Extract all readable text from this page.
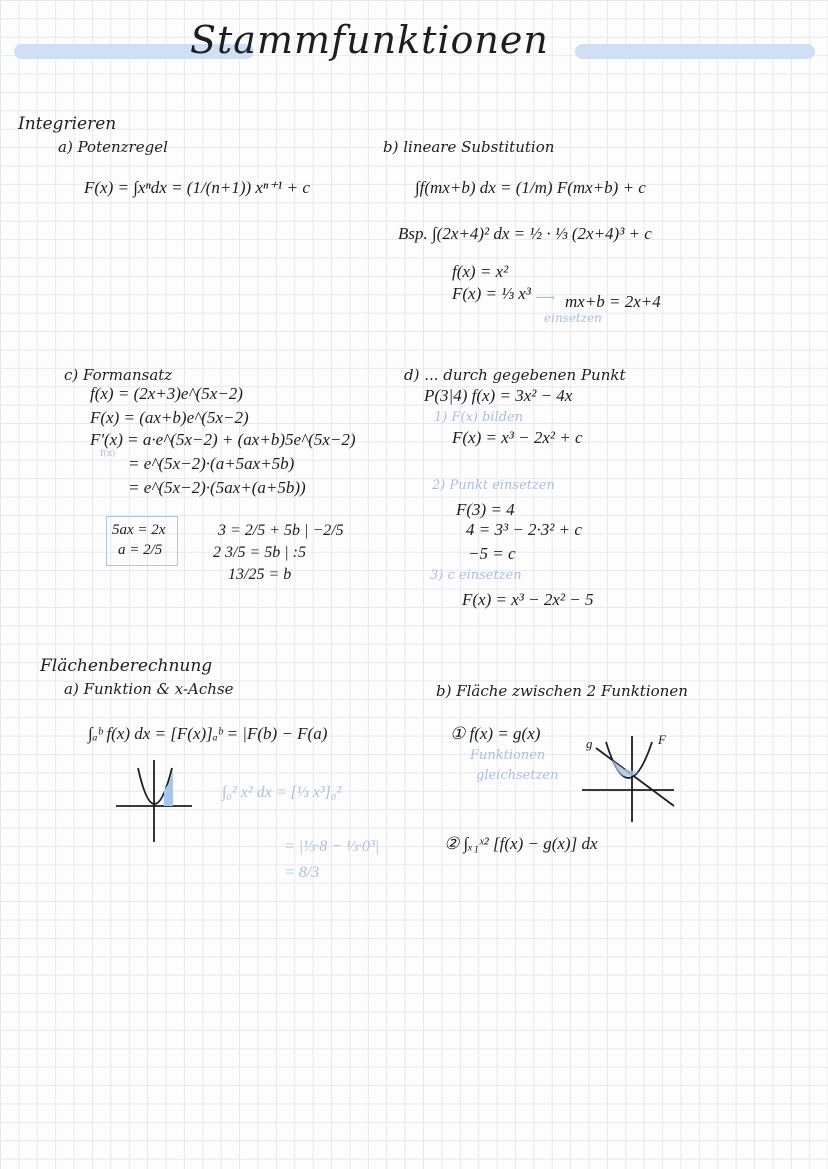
Stammfunktionen
Integrieren
a) Potenzregel
F(x) = ∫xⁿdx = (1/(n+1)) xⁿ⁺¹ + c
b) lineare Substitution
∫f(mx+b) dx = (1/m) F(mx+b) + c
Bsp. ∫(2x+4)² dx = ½ · ⅓ (2x+4)³ + c
f(x) = x²
F(x) = ⅓ x³ ⟶ mx+b = 2x+4
einsetzen
c) Formansatz
f(x) = (2x+3)e^(5x−2)
F(x) = (ax+b)e^(5x−2)
F'(x) = a·e^(5x−2) + (ax+b)5e^(5x−2)
f(x) = e^(5x−2)·(a+5ax+5b)
= e^(5x−2)·(5ax+(a+5b))
5ax = 2x
a = 2/5
3 = 2/5 + 5b | −2/5
2 3/5 = 5b | :5
13/25 = b
d) ... durch gegebenen Punkt
P(3|4) f(x) = 3x² − 4x
1) F(x) bilden
F(x) = x³ − 2x² + c
2) Punkt einsetzen
F(3) = 4
4 = 3³ − 2·3² + c
−5 = c
3) c einsetzen
F(x) = x³ − 2x² − 5
Flächenberechnung
a) Funktion & x-Achse
∫ₐᵇ f(x) dx = [F(x)]ₐᵇ = |F(b) − F(a)
∫₀² x² dx = [⅓ x³]₀²
= |⅓·8 − ⅓·0³|
= 8/3
b) Fläche zwischen 2 Funktionen
① f(x) = g(x)
Funktionen
gleichsetzen
② ∫ₓ₁ˣ² [f(x) − g(x)] dx
g	F
